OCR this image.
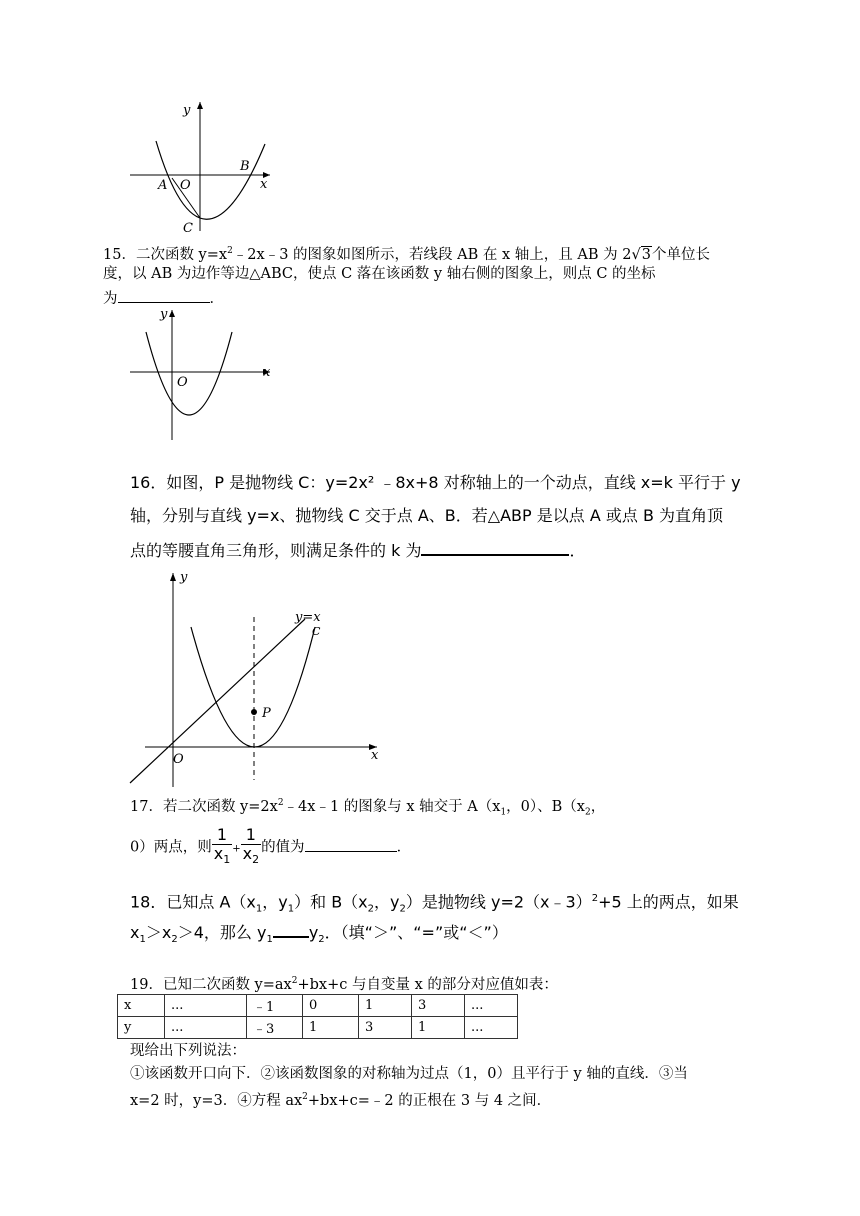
y
x
A O
B
C
15．二次函数 $y=x^2﹣2x﹣3$ 的图象如图所示，若线段 AB 在 x 轴上，且 AB 为 2√3个单位长
度，以 AB 为边作等边△ABC，使点 C 落在该函数 y 轴右侧的图象上，则点 C 的坐标
为	．
y
x
O
16．如图，P 是抛物线 C：y=2x² ﹣8x+8 对称轴上的一个动点，直线 x=k 平行于 y
轴，分别与直线 y=x、抛物线 C 交于点 A、B．若△ABP 是以点 A 或点 B 为直角顶
点的等腰直角三角形，则满足条件的 k 为	．
y
x
O
P
y=x
C
17．若二次函数 $y=2x^2﹣4x﹣1$ 的图象与 x 轴交于 $A(x_1$，0）、$B(x_2$，
0）两点，则 $\frac{1}{x_1} + \frac{1}{x_2}$ 的值为	．
18．已知点 $A(x_1$，$y_1$）和 $B(x_2$，$y_2$）是抛物线 y=2（x﹣3）$^2$+5 上的两点，如果
$x_1>x_2>4$，那么 $y_1$ $y_2$．（填“＞”、“=”或“＜”）
19．已知二次函数 $y=ax^2+bx+c$ 与自变量 x 的部分对应值如表：
x	...	﹣1	0	1	3	...
y	...	﹣3	1	3	1	...
现给出下列说法：
①该函数开口向下．②该函数图象的对称轴为过点（1，0）且平行于 y 轴的直线．③当
x=2 时，y=3．④方程 $ax^2+bx+c=﹣2$ 的正根在 3 与 4 之间．
